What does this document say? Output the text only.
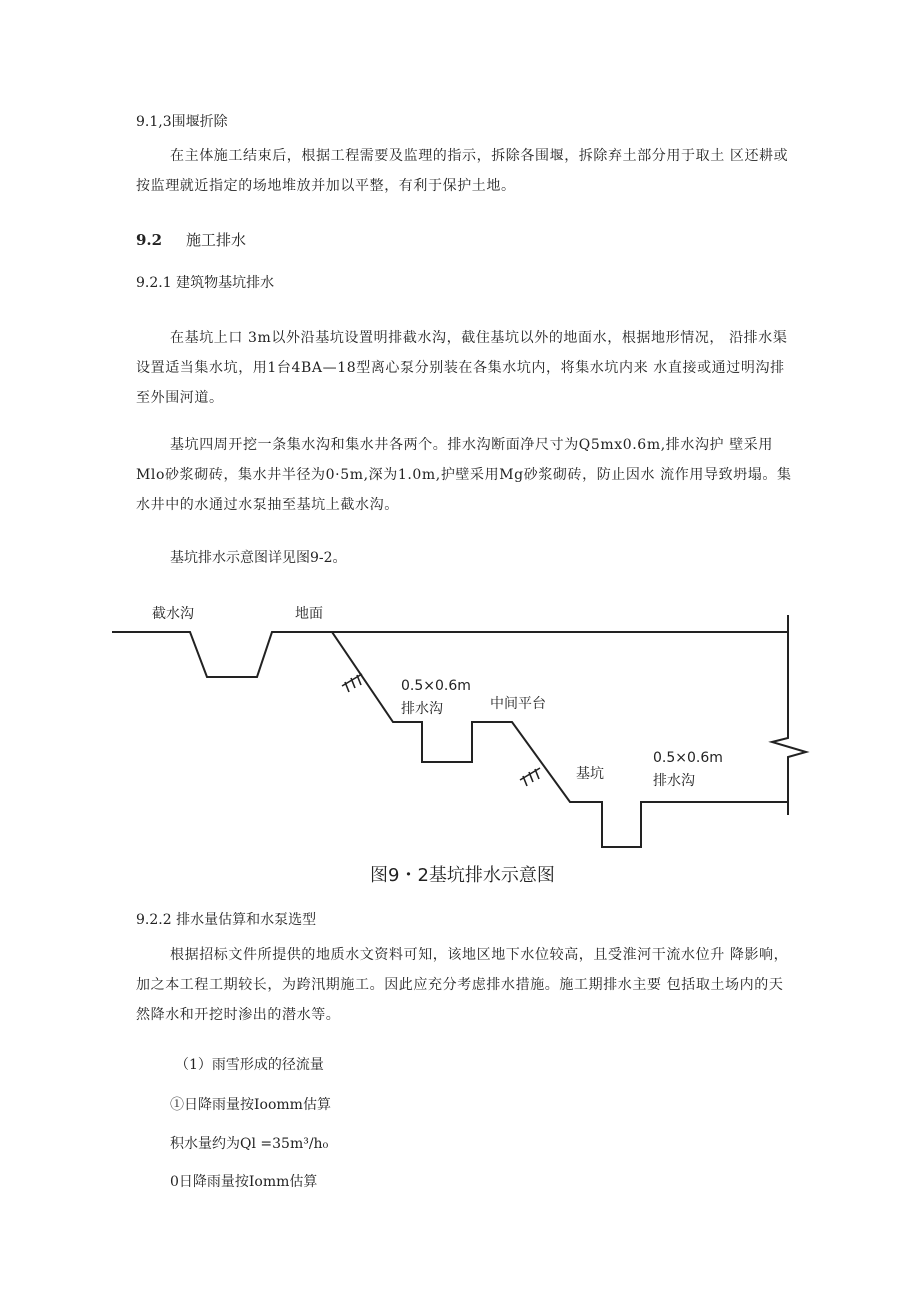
9.1,3围堰折除
在主体施工结束后，根据工程需要及监理的指示，拆除各围堰，拆除弃土部分用于取土 区还耕或按监理就近指定的场地堆放并加以平整，有利于保护土地。
9.2 施工排水
9.2.1 建筑物基坑排水
在基坑上口 3m以外沿基坑设置明排截水沟，截住基坑以外的地面水，根据地形情况， 沿排水渠设置适当集水坑，用1台4BA—18型离心泵分别装在各集水坑内，将集水坑内来 水直接或通过明沟排至外围河道。
基坑四周开挖一条集水沟和集水井各两个。排水沟断面净尺寸为Q5mx0.6m,排水沟护 壁采用Mlo砂浆砌砖，集水井半径为0·5m,深为1.0m,护壁采用Mg砂浆砌砖，防止因水 流作用导致坍塌。集水井中的水通过水泵抽至基坑上截水沟。
基坑排水示意图详见图9-2。
截水沟	地面
0.5×0.6m
排水沟	中间平台
基坑
0.5×0.6m
排水沟
图9・2基坑排水示意图
9.2.2 排水量估算和水泵选型
根据招标文件所提供的地质水文资料可知，该地区地下水位较高，且受淮河干流水位升 降影响，加之本工程工期较长，为跨汛期施工。因此应充分考虑排水措施。施工期排水主要 包括取土场内的天然降水和开挖时渗出的潜水等。
（1）雨雪形成的径流量
①日降雨量按Ioomm估算
积水量约为Ql =35m³/h₀
0日降雨量按Iomm估算
